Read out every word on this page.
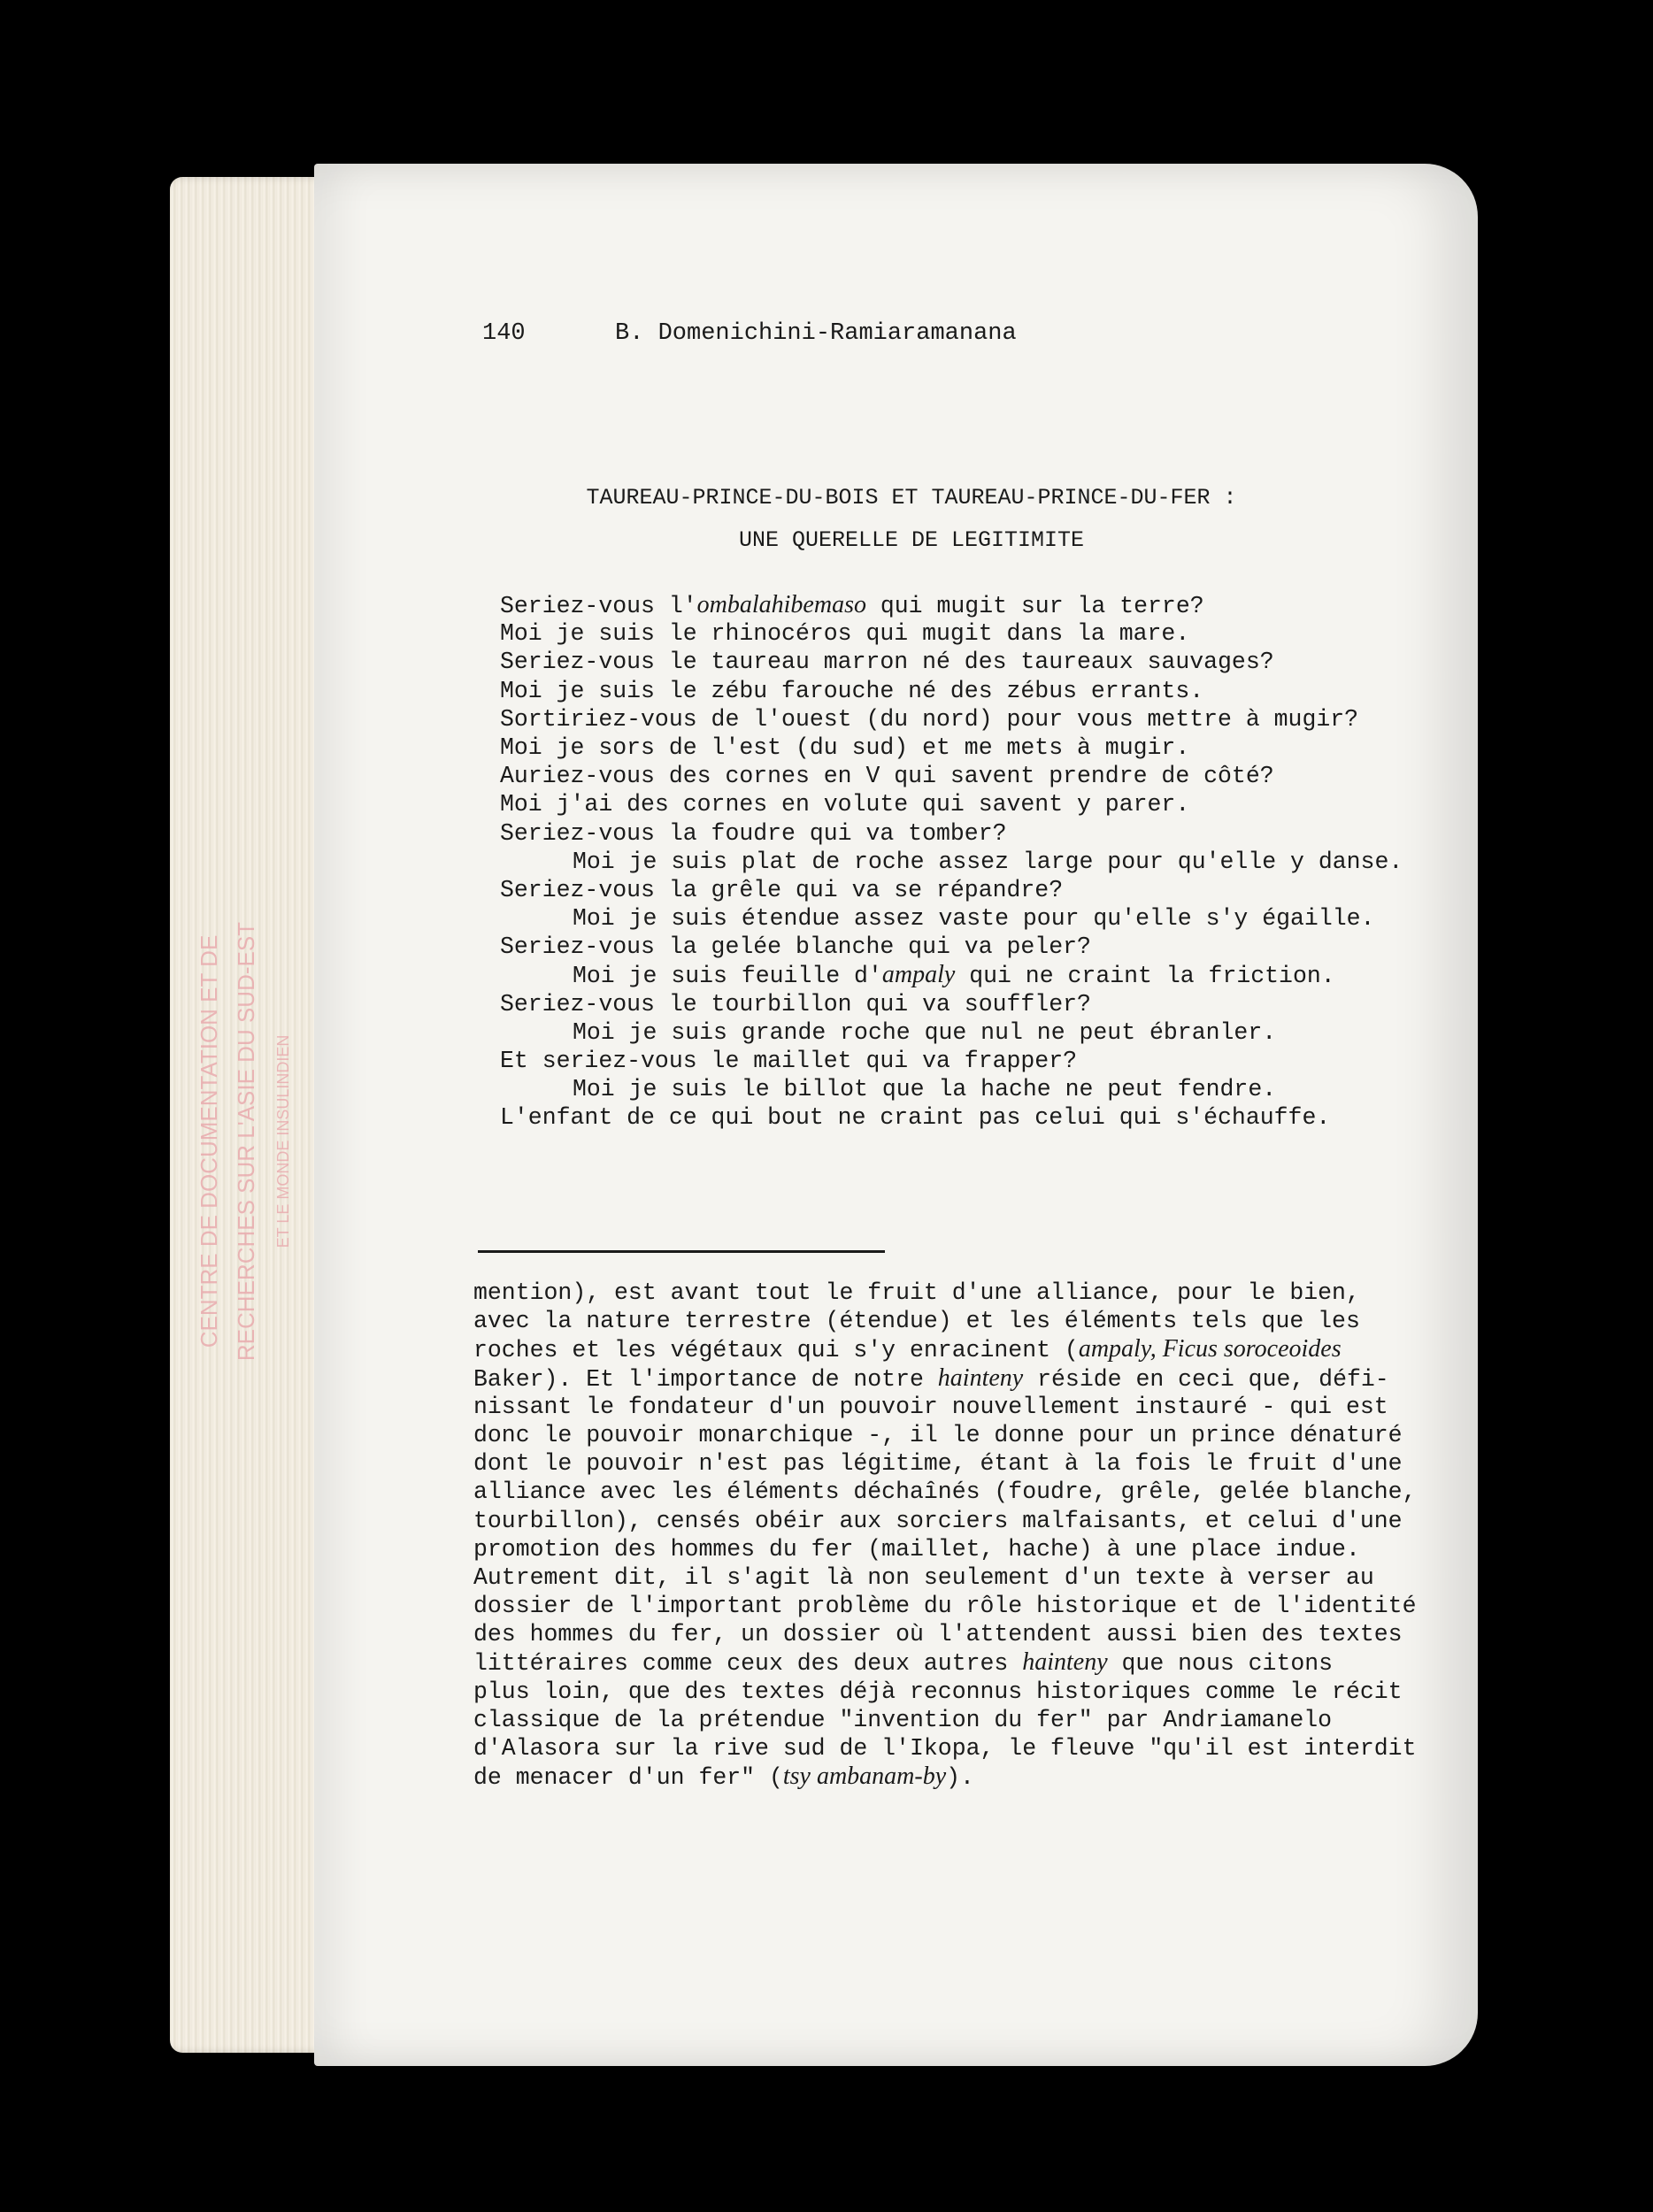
CENTRE DE DOCUMENTATION ET DE RECHERCHES SUR L'ASIE DU SUD-EST ET LE MONDE INSULINDIEN
140	B. Domenichini-Ramiaramanana
TAUREAU-PRINCE-DU-BOIS ET TAUREAU-PRINCE-DU-FER :
UNE QUERELLE DE LEGITIMITE
Seriez-vous l'ombalahibemaso qui mugit sur la terre?
Moi je suis le rhinocéros qui mugit dans la mare.
Seriez-vous le taureau marron né des taureaux sauvages?
Moi je suis le zébu farouche né des zébus errants.
Sortiriez-vous de l'ouest (du nord) pour vous mettre à mugir?
Moi je sors de l'est (du sud) et me mets à mugir.
Auriez-vous des cornes en V qui savent prendre de côté?
Moi j'ai des cornes en volute qui savent y parer.
Seriez-vous la foudre qui va tomber?
Moi je suis plat de roche assez large pour qu'elle y danse.
Seriez-vous la grêle qui va se répandre?
Moi je suis étendue assez vaste pour qu'elle s'y égaille.
Seriez-vous la gelée blanche qui va peler?
Moi je suis feuille d'ampaly qui ne craint la friction.
Seriez-vous le tourbillon qui va souffler?
Moi je suis grande roche que nul ne peut ébranler.
Et seriez-vous le maillet qui va frapper?
Moi je suis le billot que la hache ne peut fendre.
L'enfant de ce qui bout ne craint pas celui qui s'échauffe.
mention), est avant tout le fruit d'une alliance, pour le bien,
avec la nature terrestre (étendue) et les éléments tels que les
roches et les végétaux qui s'y enracinent (ampaly, Ficus soroceoides
Baker). Et l'importance de notre hainteny réside en ceci que, défi-
nissant le fondateur d'un pouvoir nouvellement instauré - qui est
donc le pouvoir monarchique -, il le donne pour un prince dénaturé
dont le pouvoir n'est pas légitime, étant à la fois le fruit d'une
alliance avec les éléments déchaînés (foudre, grêle, gelée blanche,
tourbillon), censés obéir aux sorciers malfaisants, et celui d'une
promotion des hommes du fer (maillet, hache) à une place indue.
Autrement dit, il s'agit là non seulement d'un texte à verser au
dossier de l'important problème du rôle historique et de l'identité
des hommes du fer, un dossier où l'attendent aussi bien des textes
littéraires comme ceux des deux autres hainteny que nous citons
plus loin, que des textes déjà reconnus historiques comme le récit
classique de la prétendue "invention du fer" par Andriamanelo
d'Alasora sur la rive sud de l'Ikopa, le fleuve "qu'il est interdit
de menacer d'un fer" (tsy ambanam-by).
